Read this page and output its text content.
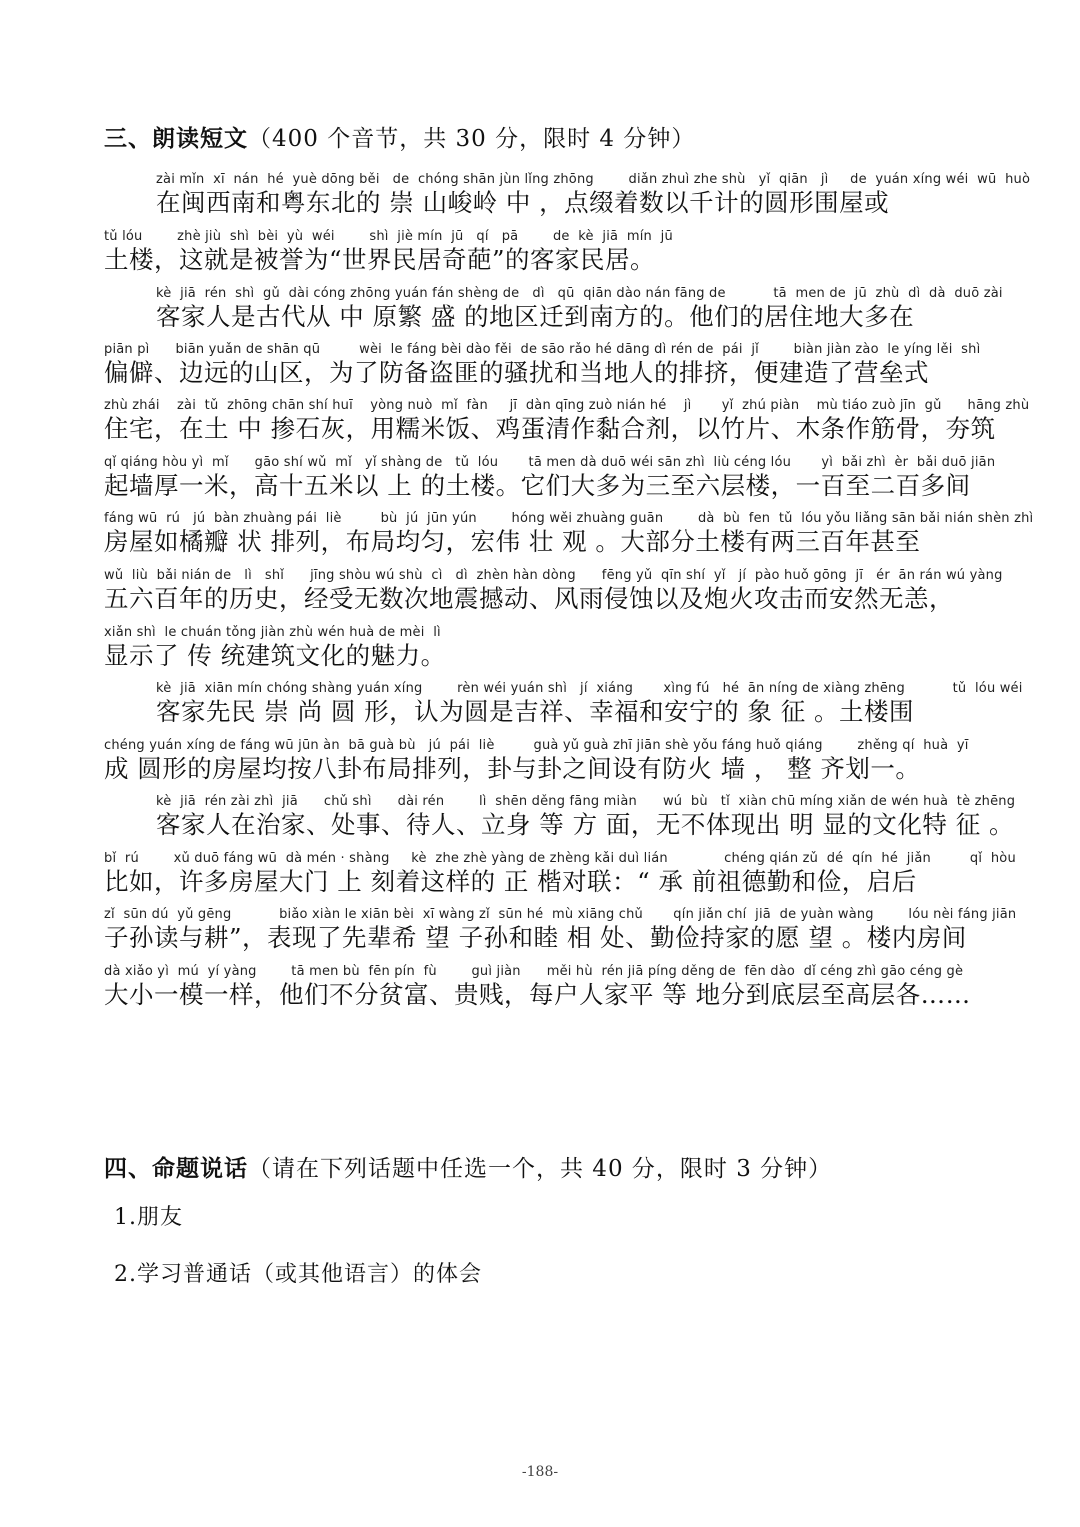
三、朗读短文（400 个音节，共 30 分，限时 4 分钟）
zài mǐn  xī  nán  hé  yuè dōng běi   de  chóng shān jùn lǐng zhōng        diǎn zhuì zhe shù   yǐ  qiān   jì     de  yuán xíng wéi  wū  huò
在闽西南和粤东北的 崇 山峻岭 中 ，点缀着数以千计的圆形围屋或
tǔ lóu        zhè jiù  shì  bèi  yù  wéi        shì  jiè mín  jū   qí   pā        de  kè  jiā  mín  jū
土楼，这就是被誉为“世界民居奇葩”的客家民居。
kè  jiā  rén  shì  gǔ  dài cóng zhōng yuán fán shèng de   dì   qū  qiān dào nán fāng de           tā  men de  jū  zhù  dì  dà  duō zài
客家人是古代从 中 原繁 盛 的地区迁到南方的。他们的居住地大多在
piān pì      biān yuǎn de shān qū         wèi  le fáng bèi dào fěi  de sāo rǎo hé dāng dì rén de  pái  jǐ        biàn jiàn zào  le yíng lěi  shì
偏僻、边远的山区，为了防备盗匪的骚扰和当地人的排挤，便建造了营垒式
zhù zhái    zài  tǔ  zhōng chān shí huī    yòng nuò  mǐ  fàn     jī  dàn qīng zuò nián hé    jì       yǐ  zhú piàn    mù tiáo zuò jīn  gǔ      hāng zhù
住宅，在土 中 掺石灰，用糯米饭、鸡蛋清作黏合剂，以竹片、木条作筋骨，夯筑
qǐ qiáng hòu yì  mǐ      gāo shí wǔ  mǐ   yǐ shàng de   tǔ  lóu       tā men dà duō wéi sān zhì  liù céng lóu       yì  bǎi zhì  èr  bǎi duō jiān
起墙厚一米，高十五米以 上 的土楼。它们大多为三至六层楼，一百至二百多间
fáng wū  rú   jú  bàn zhuàng pái  liè         bù  jú  jūn yún        hóng wěi zhuàng guān        dà  bù  fen  tǔ  lóu yǒu liǎng sān bǎi nián shèn zhì
房屋如橘瓣 状 排列，布局均匀，宏伟 壮 观 。大部分土楼有两三百年甚至
wǔ  liù  bǎi nián de   lì   shǐ      jīng shòu wú shù  cì   dì  zhèn hàn dòng      fēng yǔ  qīn shí  yǐ   jí  pào huǒ gōng  jī   ér  ān rán wú yàng
五六百年的历史，经受无数次地震撼动、风雨侵蚀以及炮火攻击而安然无恙，
xiǎn shì  le chuán tǒng jiàn zhù wén huà de mèi  lì
显示了 传 统建筑文化的魅力。
kè  jiā  xiān mín chóng shàng yuán xíng        rèn wéi yuán shì   jí  xiáng       xìng fú   hé  ān níng de xiàng zhēng           tǔ  lóu wéi
客家先民 崇 尚 圆 形，认为圆是吉祥、幸福和安宁的 象 征 。土楼围
chéng yuán xíng de fáng wū jūn àn  bā guà bù   jú  pái  liè         guà yǔ guà zhī jiān shè yǒu fáng huǒ qiáng        zhěng qí  huà  yī
成 圆形的房屋均按八卦布局排列，卦与卦之间设有防火 墙 ， 整 齐划一。
kè  jiā  rén zài zhì  jiā      chǔ shì      dài rén        lì  shēn děng fāng miàn      wú  bù   tǐ  xiàn chū míng xiǎn de wén huà  tè zhēng
客家人在治家、处事、待人、立身 等 方 面，无不体现出 明 显的文化特 征 。
bǐ  rú        xǔ duō fáng wū  dà mén · shàng     kè  zhe zhè yàng de zhèng kǎi duì lián             chéng qián zǔ  dé  qín  hé  jiǎn         qǐ  hòu
比如，许多房屋大门 上 刻着这样的 正 楷对联：“ 承 前祖德勤和俭，启后
zǐ  sūn dú  yǔ gēng           biǎo xiàn le xiān bèi  xī wàng zǐ  sūn hé  mù xiāng chǔ       qín jiǎn chí  jiā  de yuàn wàng        lóu nèi fáng jiān
子孙读与耕”，表现了先辈希 望 子孙和睦 相 处、勤俭持家的愿 望 。楼内房间
dà xiǎo yì  mú  yí yàng        tā men bù  fēn pín  fù        guì jiàn      měi hù  rén jiā píng děng de  fēn dào  dǐ céng zhì gāo céng gè
大小一模一样，他们不分贫富、贵贱，每户人家平 等 地分到底层至高层各……
四、命题说话（请在下列话题中任选一个，共 40 分，限时 3 分钟）
1.朋友
2.学习普通话（或其他语言）的体会
-188-
